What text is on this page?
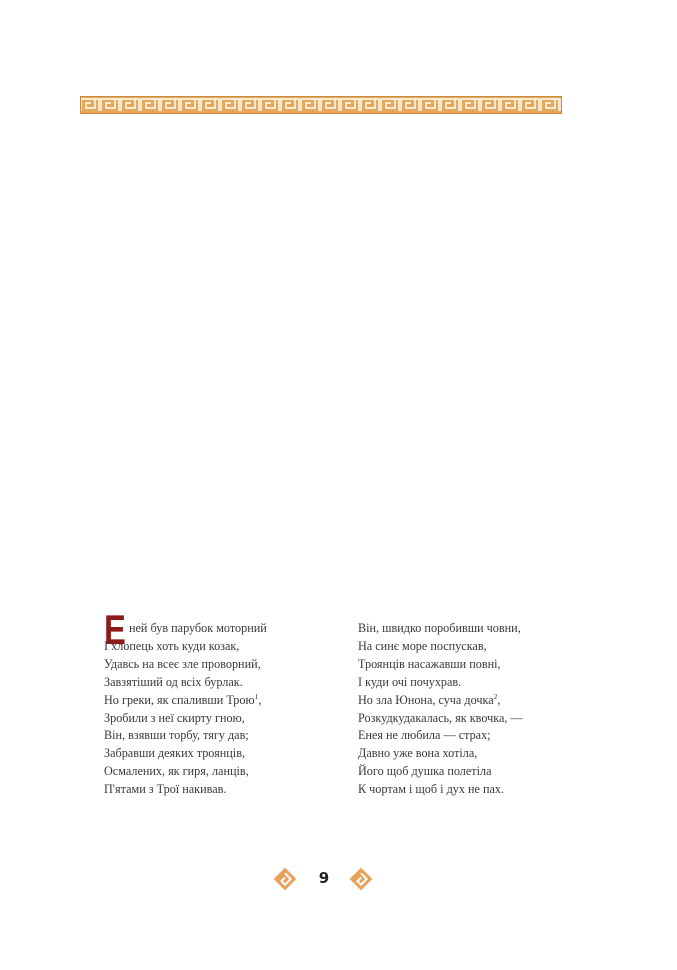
Е ней був парубок моторний
І хлопець хоть куди козак,
Удавсь на всеє зле проворний,
Завзятіший од всіх бурлак.
Но греки, як спаливши Трою$^1$,
Зробили з неї скирту гною,
Він, взявши торбу, тягу дав;
Забравши деяких троянців,
Осмалених, як гиря, ланців,
П'ятами з Трої накивав.
Він, швидко поробивши човни,
На синє море поспускав,
Троянців насажавши повні,
І куди очі почухрав.
Но зла Юнона, суча дочка$^2$,
Розкудкудакалась, як квочка, —
Енея не любила — страх;
Давно уже вона хотіла,
Його щоб душка полетіла
К чортам і щоб і дух не пах.
9
